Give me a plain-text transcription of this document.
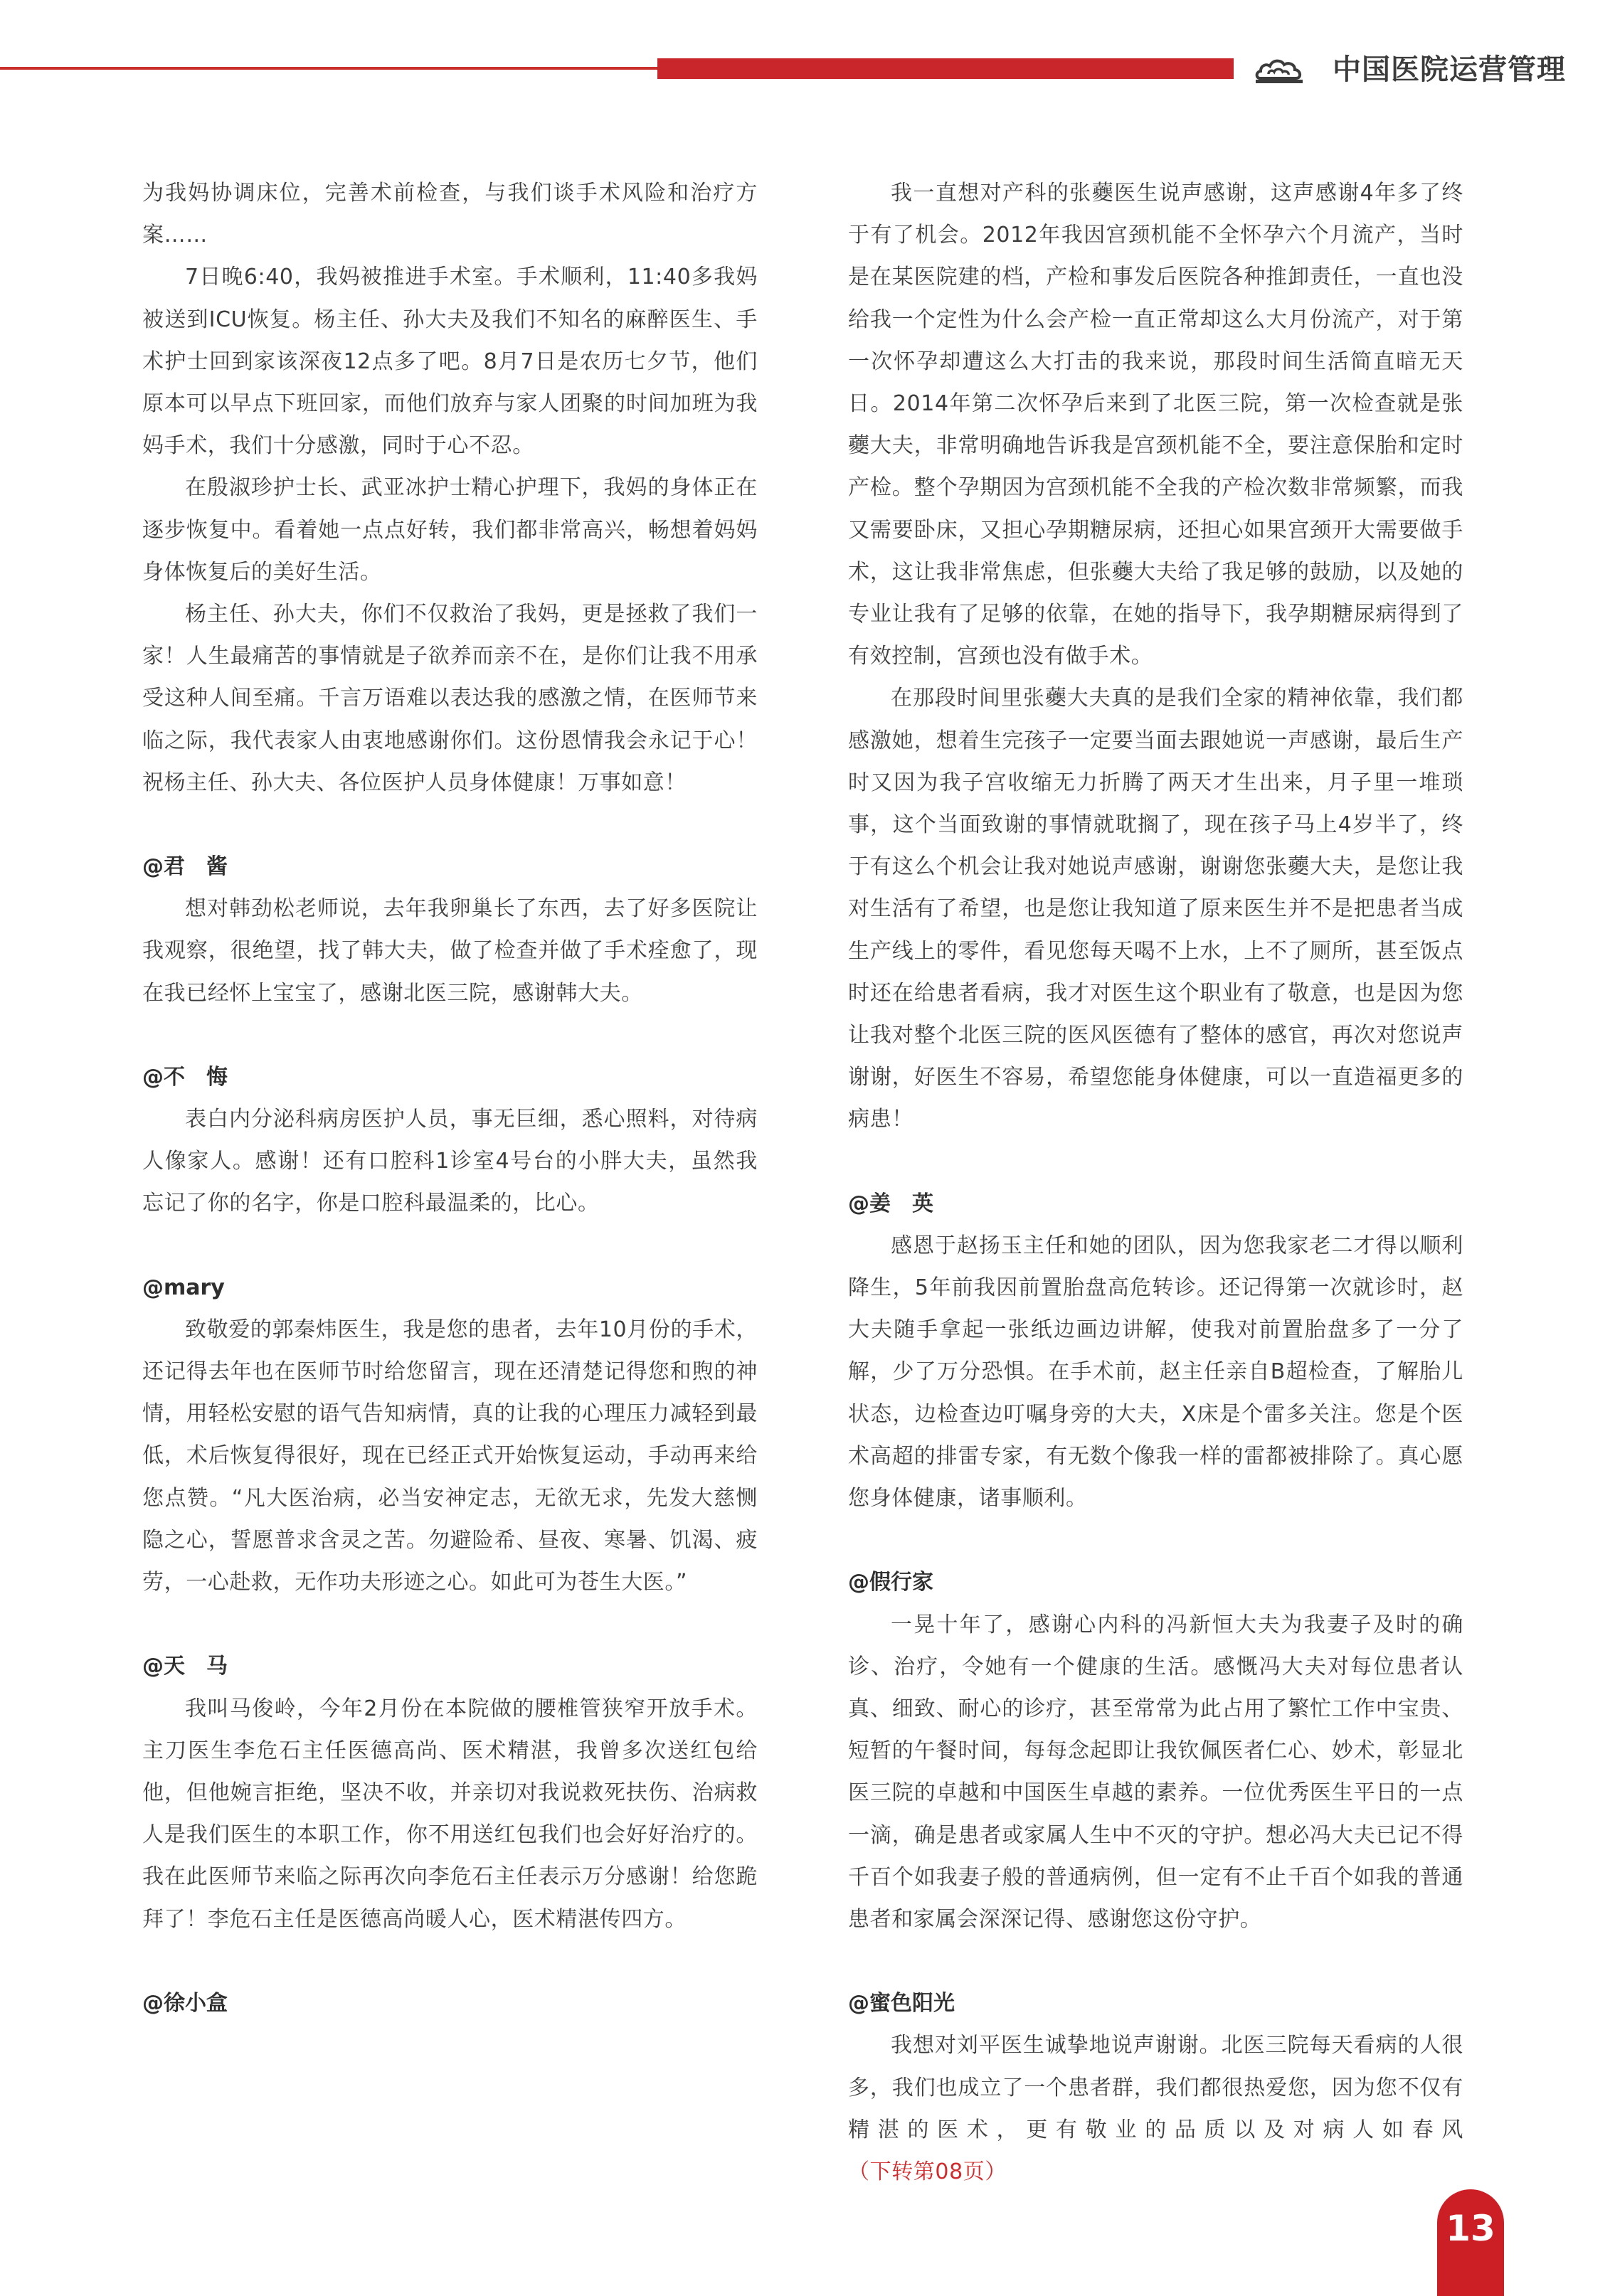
中国医院运营管理

为我妈协调床位，完善术前检查，与我们谈手术风险和治疗方案……

7日晚6:40，我妈被推进手术室。手术顺利，11:40多我妈被送到ICU恢复。杨主任、孙大夫及我们不知名的麻醉医生、手术护士回到家该深夜12点多了吧。8月7日是农历七夕节，他们原本可以早点下班回家，而他们放弃与家人团聚的时间加班为我妈手术，我们十分感激，同时于心不忍。

在殷淑珍护士长、武亚冰护士精心护理下，我妈的身体正在逐步恢复中。看着她一点点好转，我们都非常高兴，畅想着妈妈身体恢复后的美好生活。

杨主任、孙大夫，你们不仅救治了我妈，更是拯救了我们一家！人生最痛苦的事情就是子欲养而亲不在，是你们让我不用承受这种人间至痛。千言万语难以表达我的感激之情，在医师节来临之际，我代表家人由衷地感谢你们。这份恩情我会永记于心！祝杨主任、孙大夫、各位医护人员身体健康！万事如意！

@君　酱

想对韩劲松老师说，去年我卵巢长了东西，去了好多医院让我观察，很绝望，找了韩大夫，做了检查并做了手术痊愈了，现在我已经怀上宝宝了，感谢北医三院，感谢韩大夫。

@不　悔

表白内分泌科病房医护人员，事无巨细，悉心照料，对待病人像家人。感谢！还有口腔科1诊室4号台的小胖大夫，虽然我忘记了你的名字，你是口腔科最温柔的，比心。

@mary

致敬爱的郭秦炜医生，我是您的患者，去年10月份的手术，还记得去年也在医师节时给您留言，现在还清楚记得您和煦的神情，用轻松安慰的语气告知病情，真的让我的心理压力减轻到最低，术后恢复得很好，现在已经正式开始恢复运动，手动再来给您点赞。“凡大医治病，必当安神定志，无欲无求，先发大慈恻隐之心，誓愿普求含灵之苦。勿避险希、昼夜、寒暑、饥渴、疲劳，一心赴救，无作功夫形迹之心。如此可为苍生大医。”

@天　马

我叫马俊岭，今年2月份在本院做的腰椎管狭窄开放手术。主刀医生李危石主任医德高尚、医术精湛，我曾多次送红包给他，但他婉言拒绝，坚决不收，并亲切对我说救死扶伤、治病救人是我们医生的本职工作，你不用送红包我们也会好好治疗的。我在此医师节来临之际再次向李危石主任表示万分感谢！给您跪拜了！李危石主任是医德高尚暖人心，医术精湛传四方。

@徐小盒

我一直想对产科的张虁医生说声感谢，这声感谢4年多了终于有了机会。2012年我因宫颈机能不全怀孕六个月流产，当时是在某医院建的档，产检和事发后医院各种推卸责任，一直也没给我一个定性为什么会产检一直正常却这么大月份流产，对于第一次怀孕却遭这么大打击的我来说，那段时间生活简直暗无天日。2014年第二次怀孕后来到了北医三院，第一次检查就是张虁大夫，非常明确地告诉我是宫颈机能不全，要注意保胎和定时产检。整个孕期因为宫颈机能不全我的产检次数非常频繁，而我又需要卧床，又担心孕期糖尿病，还担心如果宫颈开大需要做手术，这让我非常焦虑，但张虁大夫给了我足够的鼓励，以及她的专业让我有了足够的依靠，在她的指导下，我孕期糖尿病得到了有效控制，宫颈也没有做手术。

在那段时间里张虁大夫真的是我们全家的精神依靠，我们都感激她，想着生完孩子一定要当面去跟她说一声感谢，最后生产时又因为我子宫收缩无力折腾了两天才生出来，月子里一堆琐事，这个当面致谢的事情就耽搁了，现在孩子马上4岁半了，终于有这么个机会让我对她说声感谢，谢谢您张虁大夫，是您让我对生活有了希望，也是您让我知道了原来医生并不是把患者当成生产线上的零件，看见您每天喝不上水，上不了厕所，甚至饭点时还在给患者看病，我才对医生这个职业有了敬意，也是因为您让我对整个北医三院的医风医德有了整体的感官，再次对您说声谢谢，好医生不容易，希望您能身体健康，可以一直造福更多的病患！

@姜　英

感恩于赵扬玉主任和她的团队，因为您我家老二才得以顺利降生，5年前我因前置胎盘高危转诊。还记得第一次就诊时，赵大夫随手拿起一张纸边画边讲解，使我对前置胎盘多了一分了解，少了万分恐惧。在手术前，赵主任亲自B超检查，了解胎儿状态，边检查边叮嘱身旁的大夫，X床是个雷多关注。您是个医术高超的排雷专家，有无数个像我一样的雷都被排除了。真心愿您身体健康，诸事顺利。

@假行家

一晃十年了，感谢心内科的冯新恒大夫为我妻子及时的确诊、治疗，令她有一个健康的生活。感慨冯大夫对每位患者认真、细致、耐心的诊疗，甚至常常为此占用了繁忙工作中宝贵、短暂的午餐时间，每每念起即让我钦佩医者仁心、妙术，彰显北医三院的卓越和中国医生卓越的素养。一位优秀医生平日的一点一滴，确是患者或家属人生中不灭的守护。想必冯大夫已记不得千百个如我妻子般的普通病例，但一定有不止千百个如我的普通患者和家属会深深记得、感谢您这份守护。

@蜜色阳光

我想对刘平医生诚挚地说声谢谢。北医三院每天看病的人很多，我们也成立了一个患者群，我们都很热爱您，因为您不仅有精湛的医术，更有敬业的品质以及对病人如春风（下转第08页）

13
